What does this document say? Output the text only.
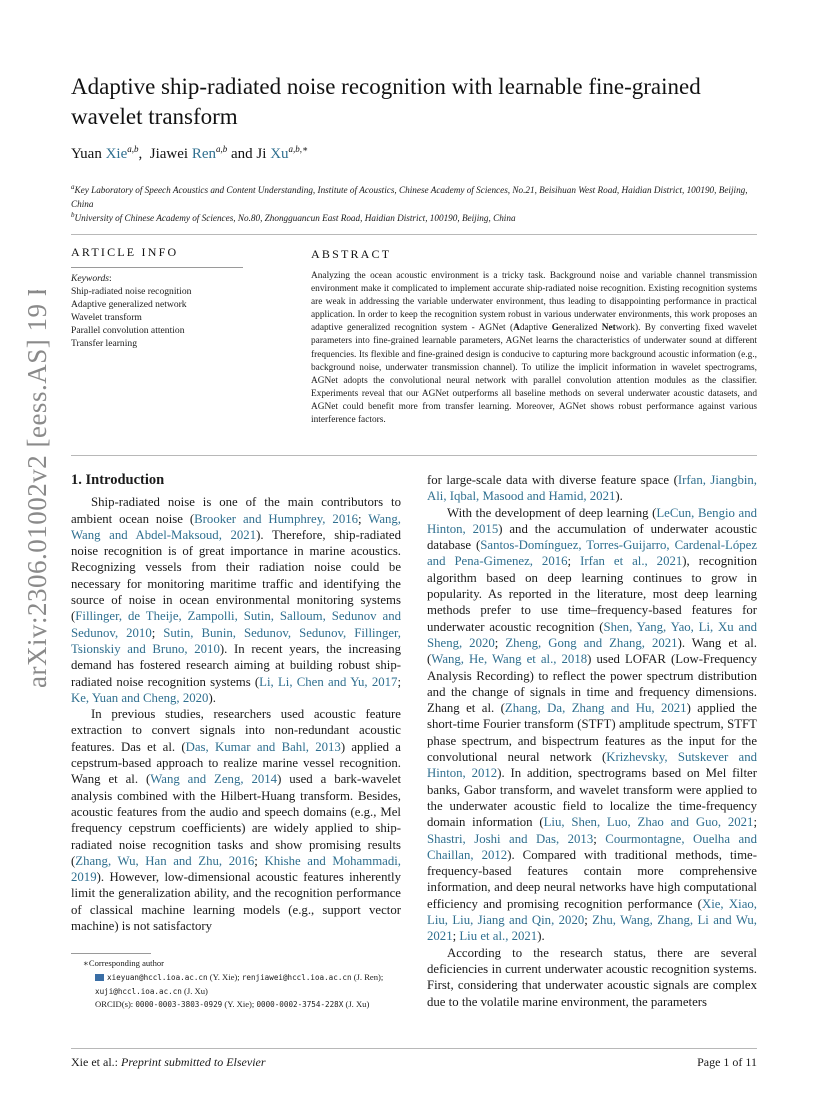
arXiv:2306.01002v2 [eess.AS] 19 Feb 2024
Adaptive ship-radiated noise recognition with learnable fine-grained wavelet transform
Yuan Xie$^{a,b}$, Jiawei Ren$^{a,b}$ and Ji $Xu^{a,b,∗}$
$^a$Key Laboratory of Speech Acoustics and Content Understanding, Institute of Acoustics, Chinese Academy of Sciences, No.21, Beisihuan West Road, Haidian District, 100190, Beijing, China
$^b$University of Chinese Academy of Sciences, No.80, Zhongguancun East Road, Haidian District, 100190, Beijing, China
ARTICLE INFO
Keywords:
Ship-radiated noise recognition
Adaptive generalized network
Wavelet transform
Parallel convolution attention
Transfer learning
ABSTRACT
Analyzing the ocean acoustic environment is a tricky task. Background noise and variable channel transmission environment make it complicated to implement accurate ship-radiated noise recognition. Existing recognition systems are weak in addressing the variable underwater environment, thus leading to disappointing performance in practical application. In order to keep the recognition system robust in various underwater environments, this work proposes an adaptive generalized recognition system - AGNet (Adaptive Generalized Network). By converting fixed wavelet parameters into fine-grained learnable parameters, AGNet learns the characteristics of underwater sound at different frequencies. Its flexible and fine-grained design is conducive to capturing more background acoustic information (e.g., background noise, underwater transmission channel). To utilize the implicit information in wavelet spectrograms, AGNet adopts the convolutional neural network with parallel convolution attention modules as the classifier. Experiments reveal that our AGNet outperforms all baseline methods on several underwater acoustic datasets, and AGNet could benefit more from transfer learning. Moreover, AGNet shows robust performance against various interference factors.
1. Introduction

Ship-radiated noise is one of the main contributors to ambient ocean noise (Brooker and Humphrey, 2016; Wang, Wang and Abdel-Maksoud, 2021). Therefore, ship-radiated noise recognition is of great importance in marine acoustics. Recognizing vessels from their radiation noise could be necessary for monitoring maritime traffic and identifying the source of noise in ocean environmental monitoring systems (Fillinger, de Theije, Zampolli, Sutin, Salloum, Sedunov and Sedunov, 2010; Sutin, Bunin, Sedunov, Sedunov, Fillinger, Tsionskiy and Bruno, 2010). In recent years, the increasing demand has fostered research aiming at building robust ship-radiated noise recognition systems (Li, Li, Chen and Yu, 2017; Ke, Yuan and Cheng, 2020).

In previous studies, researchers used acoustic feature extraction to convert signals into non-redundant acoustic features. Das et al. (Das, Kumar and Bahl, 2013) applied a cepstrum-based approach to realize marine vessel recognition. Wang et al. (Wang and Zeng, 2014) used a bark-wavelet analysis combined with the Hilbert-Huang transform. Besides, acoustic features from the audio and speech domains (e.g., Mel frequency cepstrum coefficients) are widely applied to ship-radiated noise recognition tasks and show promising results (Zhang, Wu, Han and Zhu, 2016; Khishe and Mohammadi, 2019). However, low-dimensional acoustic features inherently limit the generalization ability, and the recognition performance of classical machine learning models (e.g., support vector machine) is not satisfactory

for large-scale data with diverse feature space (Irfan, Jiangbin, Ali, Iqbal, Masood and Hamid, 2021).

With the development of deep learning (LeCun, Bengio and Hinton, 2015) and the accumulation of underwater acoustic database (Santos-Domínguez, Torres-Guijarro, Cardenal-López and Pena-Gimenez, 2016; Irfan et al., 2021), recognition algorithm based on deep learning continues to grow in popularity. As reported in the literature, most deep learning methods prefer to use time–frequency-based features for underwater acoustic recognition (Shen, Yang, Yao, Li, Xu and Sheng, 2020; Zheng, Gong and Zhang, 2021). Wang et al. (Wang, He, Wang et al., 2018) used LOFAR (Low-Frequency Analysis Recording) to reflect the power spectrum distribution and the change of signals in time and frequency dimensions. Zhang et al. (Zhang, Da, Zhang and Hu, 2021) applied the short-time Fourier transform (STFT) amplitude spectrum, STFT phase spectrum, and bispectrum features as the input for the convolutional neural network (Krizhevsky, Sutskever and Hinton, 2012). In addition, spectrograms based on Mel filter banks, Gabor transform, and wavelet transform were applied to the underwater acoustic field to localize the time-frequency domain information (Liu, Shen, Luo, Zhao and Guo, 2021; Shastri, Joshi and Das, 2013; Courmontagne, Ouelha and Chaillan, 2012). Compared with traditional methods, time-frequency-based features contain more comprehensive information, and deep neural networks have high computational efficiency and promising recognition performance (Xie, Xiao, Liu, Liu, Jiang and Qin, 2020; Zhu, Wang, Zhang, Li and Wu, 2021; Liu et al., 2021).

According to the research status, there are several deficiencies in current underwater acoustic recognition systems. First, considering that underwater acoustic signals are complex due to the volatile marine environment, the parameters

∗Corresponding author
xieyuan@hccl.ioa.ac.cn (Y. Xie); renjiawei@hccl.ioa.ac.cn (J. Ren); xuji@hccl.ioa.ac.cn (J. Xu)
ORCID(s): 0000-0003-3803-0929 (Y. Xie); 0000-0002-3754-228X (J. Xu)
Xie et al.: Preprint submitted to Elsevier	Page 1 of 11
